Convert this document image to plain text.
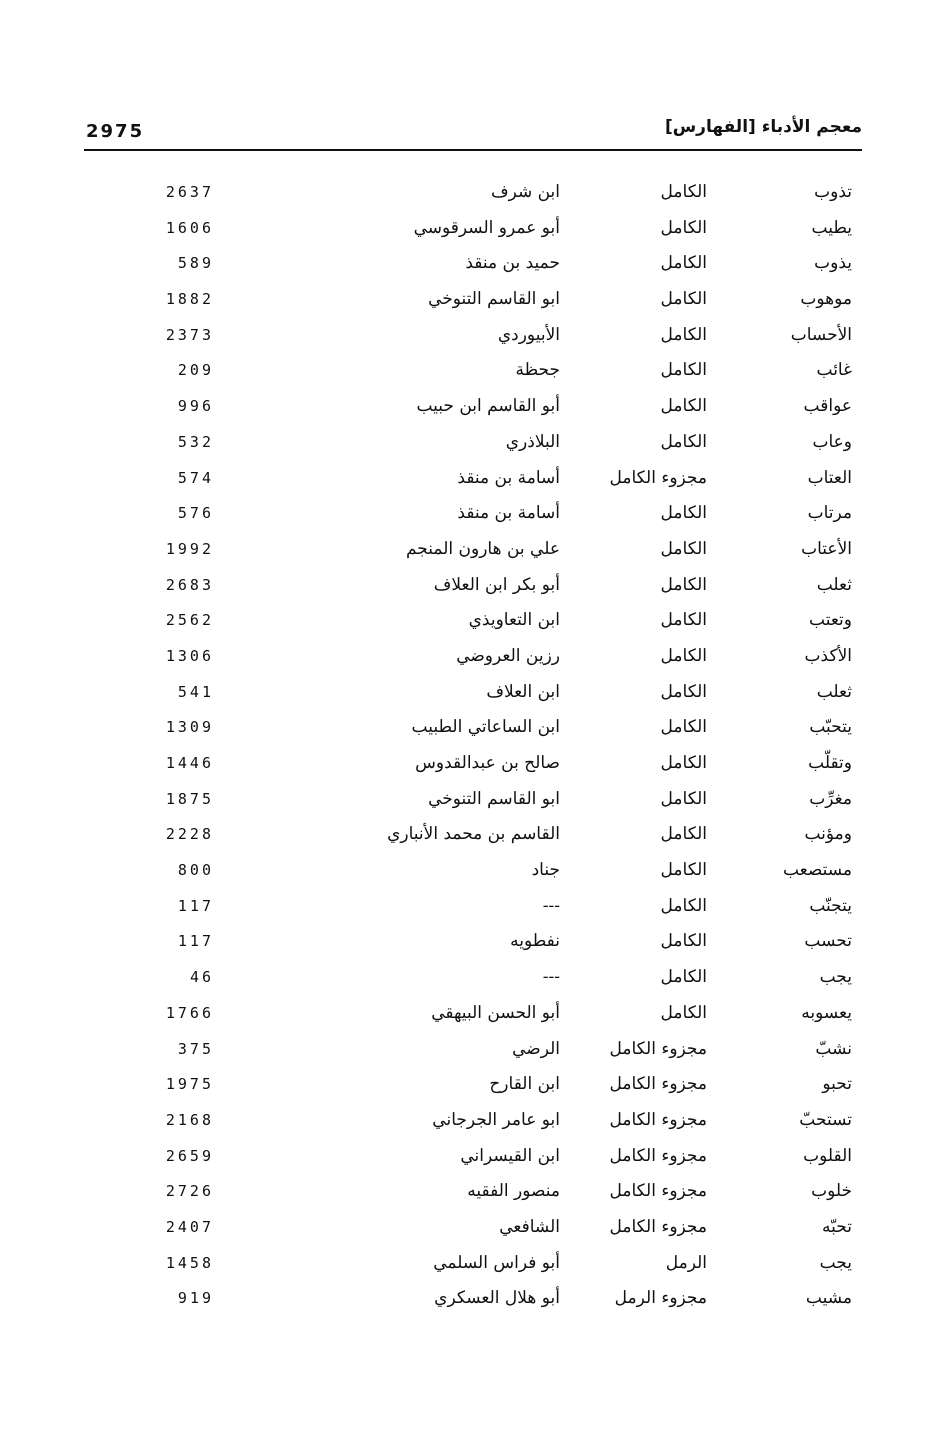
2975	معجم الأدباء [الفهارس]
تذوب
الكامل
ابن شرف
2637
يطيب
الكامل
أبو عمرو السرقوسي
1606
يذوب
الكامل
حميد بن منقذ
589
موهوب
الكامل
ابو القاسم التنوخي
1882
الأحساب
الكامل
الأبيوردي
2373
غائب
الكامل
جحظة
209
عواقب
الكامل
أبو القاسم ابن حبيب
996
وعاب
الكامل
البلاذري
532
العتاب
مجزوء الكامل
أسامة بن منقذ
574
مرتاب
الكامل
أسامة بن منقذ
576
الأعتاب
الكامل
علي بن هارون المنجم
1992
ثعلب
الكامل
أبو بكر ابن العلاف
2683
وتعتب
الكامل
ابن التعاويذي
2562
الأكذب
الكامل
رزين العروضي
1306
ثعلب
الكامل
ابن العلاف
541
يتحبّب
الكامل
ابن الساعاتي الطبيب
1309
وتقلّب
الكامل
صالح بن عبدالقدوس
1446
مغرِّب
الكامل
ابو القاسم التنوخي
1875
ومؤنب
الكامل
القاسم بن محمد الأنباري
2228
مستصعب
الكامل
جناد
800
يتجنّب
الكامل
---
117
تحسب
الكامل
نفطويه
117
يجب
الكامل
---
46
يعسوبه
الكامل
أبو الحسن البيهقي
1766
نشبّ
مجزوء الكامل
الرضي
375
تحبو
مجزوء الكامل
ابن القارح
1975
تستحبّ
مجزوء الكامل
ابو عامر الجرجاني
2168
القلوب
مجزوء الكامل
ابن القيسراني
2659
خلوب
مجزوء الكامل
منصور الفقيه
2726
تحبّه
مجزوء الكامل
الشافعي
2407
يجب
الرمل
أبو فراس السلمي
1458
مشيب
مجزوء الرمل
أبو هلال العسكري
919
